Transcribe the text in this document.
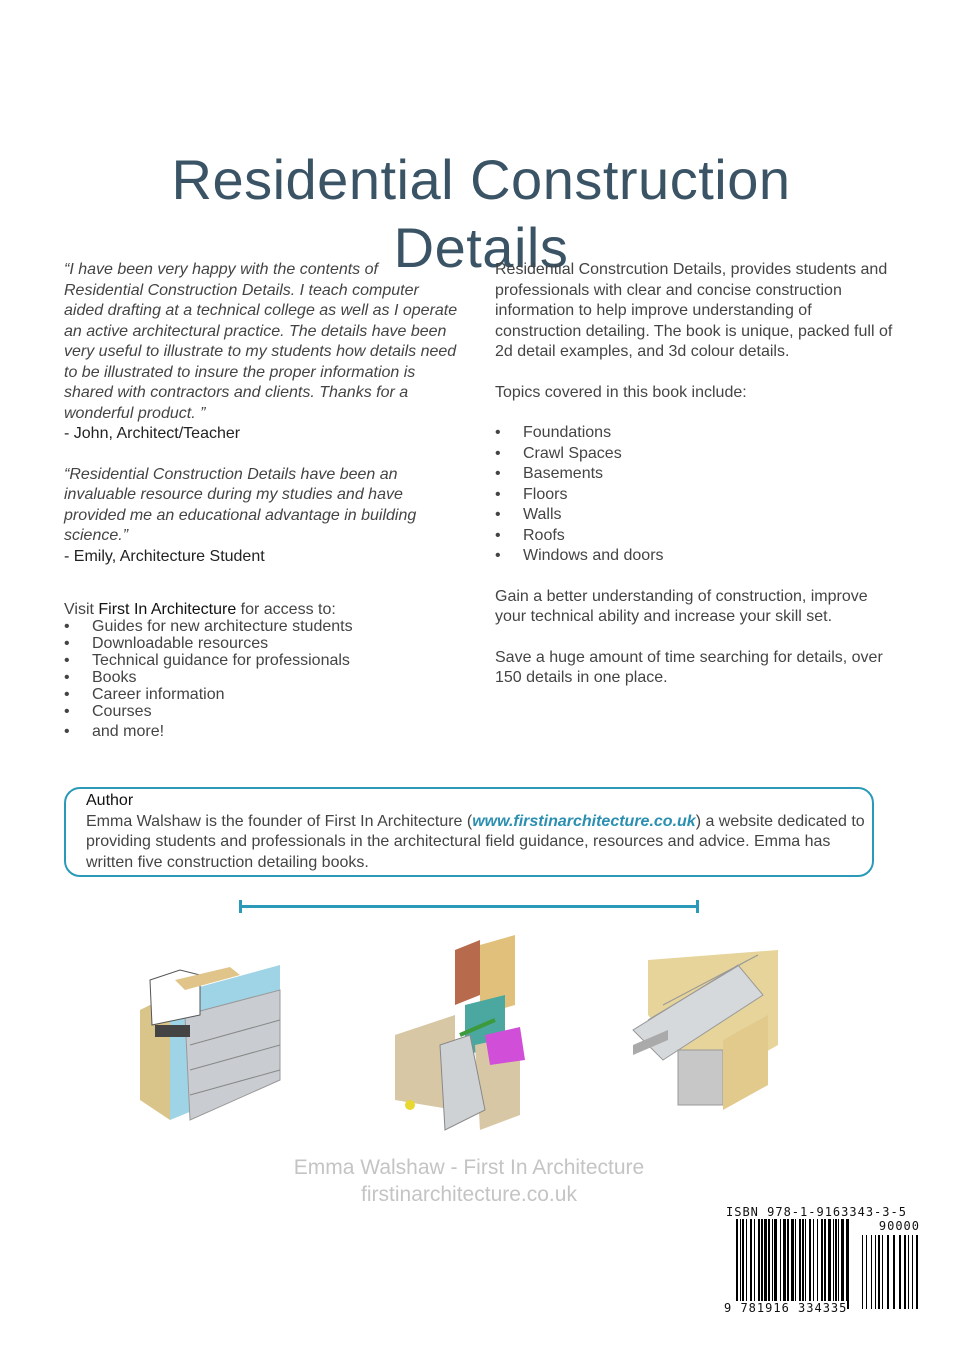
Residential Construction
Details

“I have been very happy with the contents of Residential Construction Details. I teach computer aided drafting at a technical college as well as I operate an active architectural practice. The details have been very useful to illustrate to my students how details need to be illustrated to insure the proper information is shared with contractors and clients. Thanks for a wonderful product. ”

- John, Architect/Teacher

“Residential Construction Details have been an invaluable resource during my studies and have provided me an educational advantage in building science.”

- Emily, Architecture Student

Visit First In Architecture for access to:

• Guides for new architecture students
• Downloadable resources
• Technical guidance for professionals
• Books
• Career information
• Courses
• and more!

Residential Constrcution Details, provides students and professionals with clear and concise construction information to help improve understanding of construction detailing. The book is unique, packed full of 2d detail examples, and 3d colour details.

Topics covered in this book include:

• Foundations
• Crawl Spaces
• Basements
• Floors
• Walls
• Roofs
• Windows and doors

Gain a better understanding of construction, improve your technical ability and increase your skill set.

Save a huge amount of time searching for details, over 150 details in one place.

Author
Emma Walshaw is the founder of First In Architecture (www.firstinarchitecture.co.uk) a website dedicated to providing students and professionals in the architectural field guidance, resources and advice. Emma has written five construction detailing books.
Emma Walshaw - First In Architecture
firstinarchitecture.co.uk
ISBN 978-1-9163343-3-5
90000
9 781916 334335
